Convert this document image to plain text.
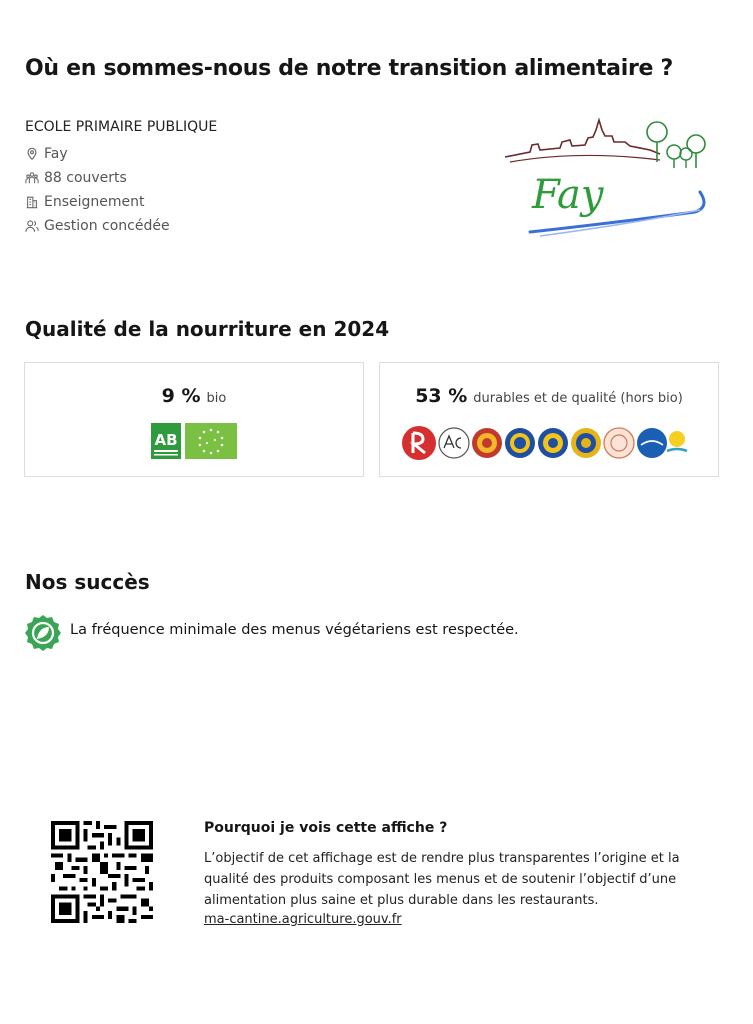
Où en sommes-nous de notre transition alimentaire ?
ECOLE PRIMAIRE PUBLIQUE
Fay
88 couverts
Enseignement
Gestion concédée
Fay
Qualité de la nourriture en 2024
9 % bio
AB
53 % durables et de qualité (hors bio)
Nos succès
La fréquence minimale des menus végétariens est respectée.
Pourquoi je vois cette affiche ?
L’objectif de cet affichage est de rendre plus transparentes l’origine et la qualité des produits composant les menus et de soutenir l’objectif d’une alimentation plus saine et plus durable dans les restaurants.
ma-cantine.agriculture.gouv.fr
